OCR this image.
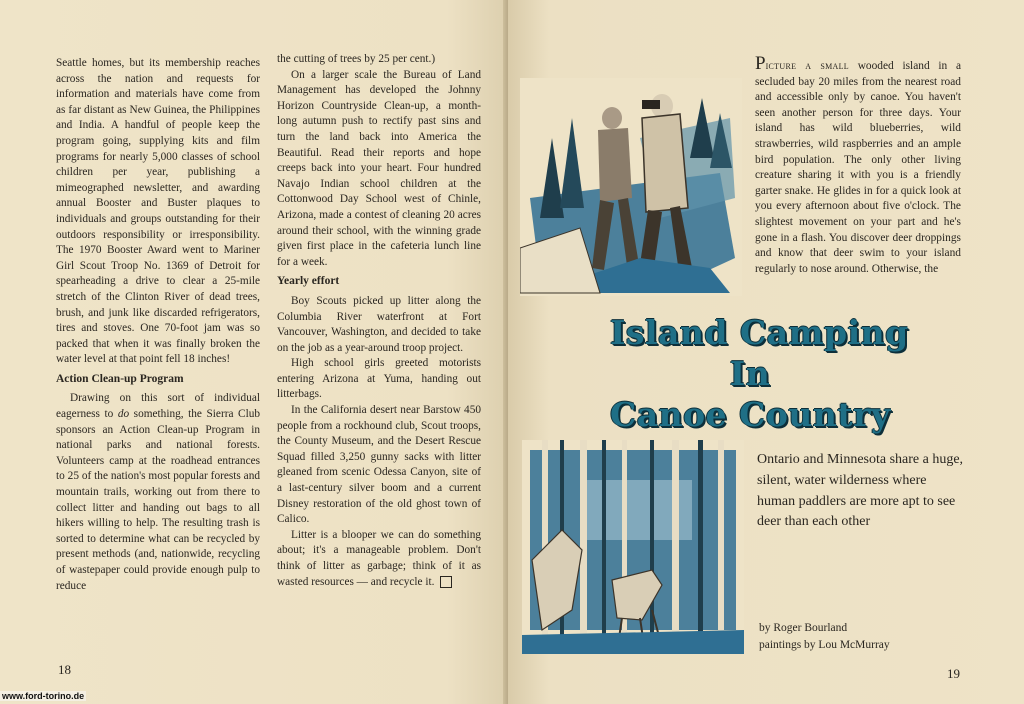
Seattle homes, but its membership reaches across the nation and requests for information and materials have come from as far distant as New Guinea, the Philippines and India. A handful of people keep the program going, supplying kits and film programs for nearly 5,000 classes of school children per year, publishing a mimeographed newsletter, and awarding annual Booster and Buster plaques to individuals and groups outstanding for their outdoors responsibility or irresponsibility. The 1970 Booster Award went to Mariner Girl Scout Troop No. 1369 of Detroit for spearheading a drive to clear a 25-mile stretch of the Clinton River of dead trees, brush, and junk like discarded refrigerators, tires and stoves. One 70-foot jam was so packed that when it was finally broken the water level at that point fell 18 inches!

Action Clean-up Program

Drawing on this sort of individual eagerness to do something, the Sierra Club sponsors an Action Clean-up Program in national parks and national forests. Volunteers camp at the roadhead entrances to 25 of the nation's most popular forests and mountain trails, working out from there to collect litter and handing out bags to all hikers willing to help. The resulting trash is sorted to determine what can be recycled by present methods (and, nationwide, recycling of wastepaper could provide enough pulp to reduce

the cutting of trees by 25 per cent.)

On a larger scale the Bureau of Land Management has developed the Johnny Horizon Countryside Clean-up, a month-long autumn push to rectify past sins and turn the land back into America the Beautiful. Read their reports and hope creeps back into your heart. Four hundred Navajo Indian school children at the Cottonwood Day School west of Chinle, Arizona, made a contest of cleaning 20 acres around their school, with the winning grade given first place in the cafeteria lunch line for a week.

Yearly effort

Boy Scouts picked up litter along the Columbia River waterfront at Fort Vancouver, Washington, and decided to take on the job as a year-around troop project.

High school girls greeted motorists entering Arizona at Yuma, handing out litterbags.

In the California desert near Barstow 450 people from a rockhound club, Scout troops, the County Museum, and the Desert Rescue Squad filled 3,250 gunny sacks with litter gleaned from scenic Odessa Canyon, site of a last-century silver boom and a current Disney restoration of the old ghost town of Calico.

Litter is a blooper we can do something about; it's a manageable problem. Don't think of litter as garbage; think of it as wasted resources — and recycle it.

18	19

Picture a small wooded island in a secluded bay 20 miles from the nearest road and accessible only by canoe. You haven't seen another person for three days. Your island has wild blueberries, wild strawberries, wild raspberries and an ample bird population. The only other living creature sharing it with you is a friendly garter snake. He glides in for a quick look at you every afternoon about five o'clock. The slightest movement on your part and he's gone in a flash. You discover deer droppings and know that deer swim to your island regularly to nose around. Otherwise, the

Island Camping
In
Canoe Country
Ontario and Minnesota share a huge, silent, water wilderness where human paddlers are more apt to see deer than each other
by Roger Bourland
paintings by Lou McMurray
www.ford-torino.de
